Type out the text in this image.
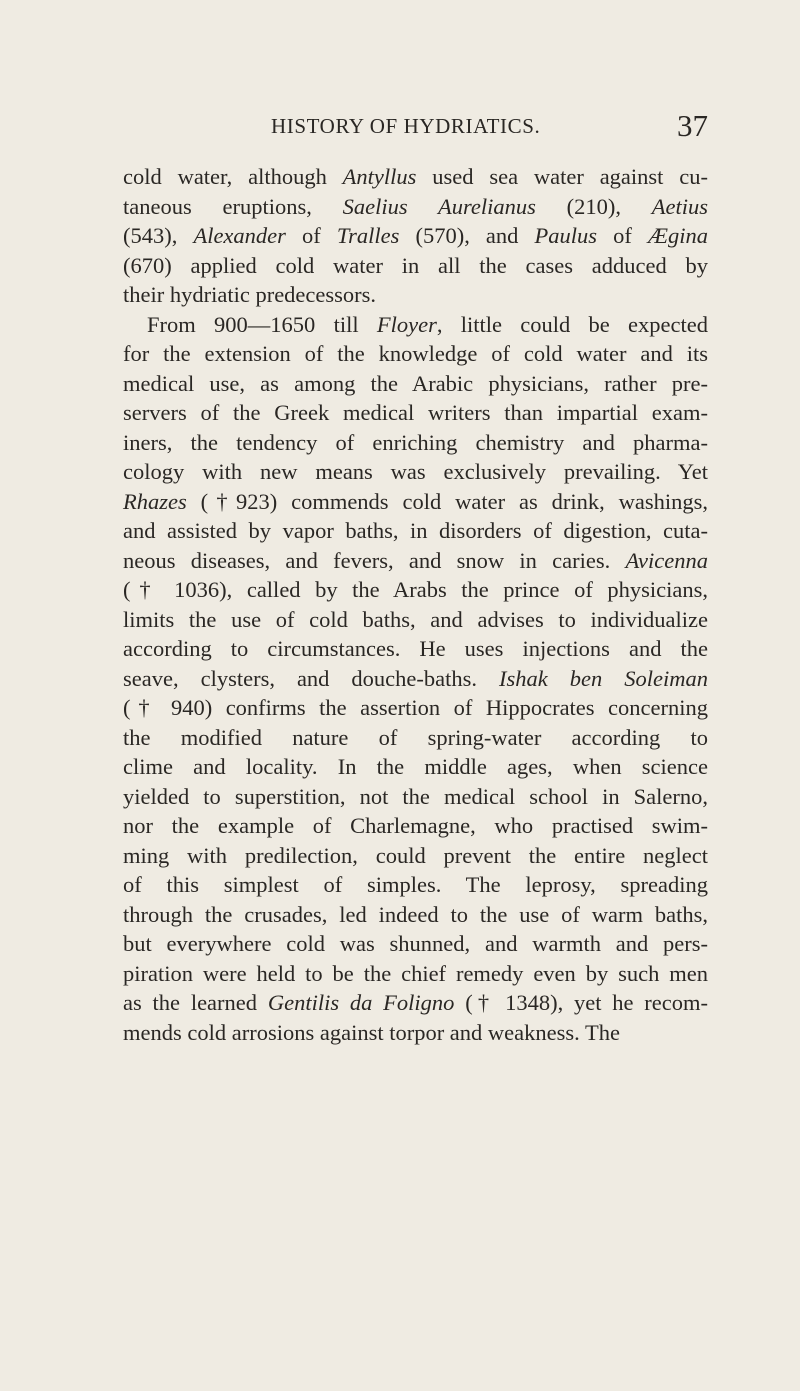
HISTORY OF HYDRIATICS.	37
cold water, although Antyllus used sea water against cu-
taneous eruptions, Saelius Aurelianus (210), Aetius
(543), Alexander of Tralles (570), and Paulus of Ægina
(670) applied cold water in all the cases adduced by
their hydriatic predecessors.
From 900—1650 till Floyer, little could be expected
for the extension of the knowledge of cold water and its
medical use, as among the Arabic physicians, rather pre-
servers of the Greek medical writers than impartial exam-
iners, the tendency of enriching chemistry and pharma-
cology with new means was exclusively prevailing. Yet
Rhazes (†923) commends cold water as drink, washings,
and assisted by vapor baths, in disorders of digestion, cuta-
neous diseases, and fevers, and snow in caries. Avicenna
(† 1036), called by the Arabs the prince of physicians,
limits the use of cold baths, and advises to individualize
according to circumstances. He uses injections and the
seave, clysters, and douche-baths. Ishak ben Soleiman
(† 940) confirms the assertion of Hippocrates concerning
the modified nature of spring-water according to
clime and locality. In the middle ages, when science
yielded to superstition, not the medical school in Salerno,
nor the example of Charlemagne, who practised swim-
ming with predilection, could prevent the entire neglect
of this simplest of simples. The leprosy, spreading
through the crusades, led indeed to the use of warm baths,
but everywhere cold was shunned, and warmth and pers-
piration were held to be the chief remedy even by such men
as the learned Gentilis da Foligno († 1348), yet he recom-
mends cold arrosions against torpor and weakness. The
